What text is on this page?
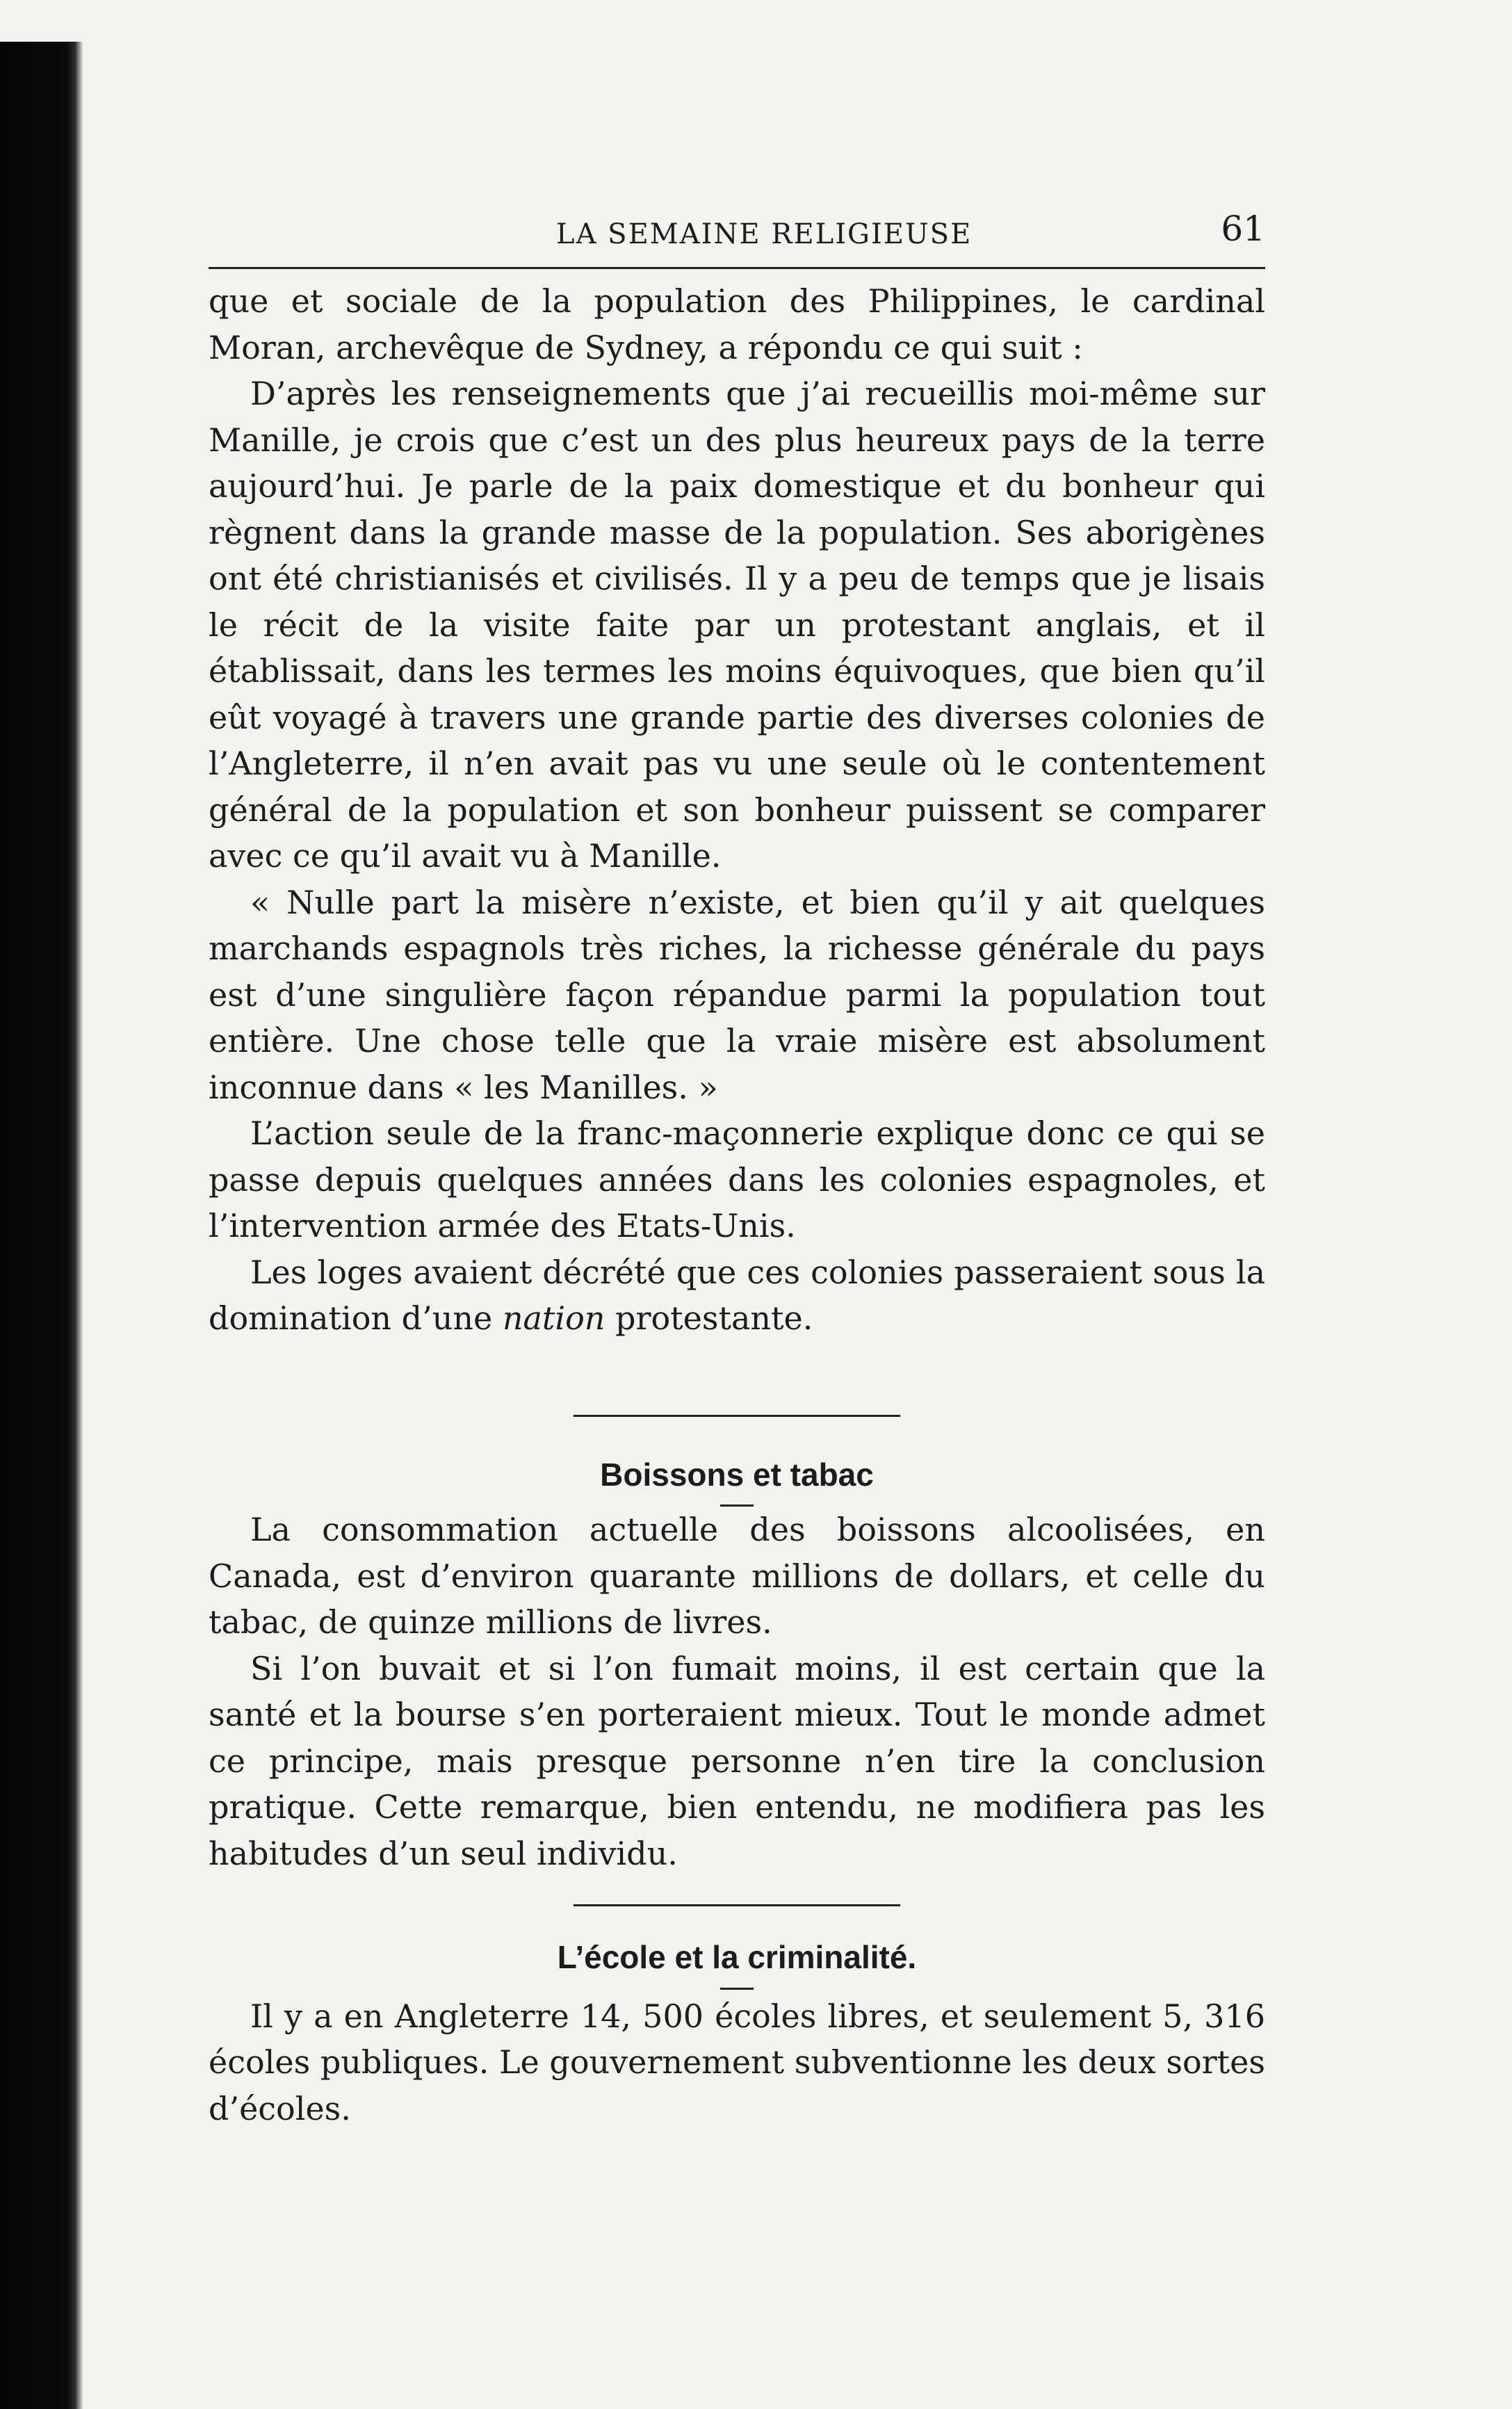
LA SEMAINE RELIGIEUSE	61

que et sociale de la population des Philippines, le cardinal Moran, archevêque de Sydney, a répondu ce qui suit :

D’après les renseignements que j’ai recueillis moi-même sur Manille, je crois que c’est un des plus heureux pays de la terre aujourd’hui. Je parle de la paix domestique et du bonheur qui règnent dans la grande masse de la population. Ses aborigènes ont été christianisés et civilisés. Il y a peu de temps que je lisais le récit de la visite faite par un protestant anglais, et il établissait, dans les termes les moins équivoques, que bien qu’il eût voyagé à travers une grande partie des diverses colonies de l’Angleterre, il n’en avait pas vu une seule où le contentement général de la population et son bonheur puissent se comparer avec ce qu’il avait vu à Manille.

« Nulle part la misère n’existe, et bien qu’il y ait quelques marchands espagnols très riches, la richesse générale du pays est d’une singulière façon répandue parmi la population tout entière. Une chose telle que la vraie misère est absolument inconnue dans « les Manilles. »

L’action seule de la franc-maçonnerie explique donc ce qui se passe depuis quelques années dans les colonies espagnoles, et l’intervention armée des Etats-Unis.

Les loges avaient décrété que ces colonies passeraient sous la domination d’une nation protestante.

Boissons et tabac

La consommation actuelle des boissons alcoolisées, en Canada, est d’environ quarante millions de dollars, et celle du tabac, de quinze millions de livres.

Si l’on buvait et si l’on fumait moins, il est certain que la santé et la bourse s’en porteraient mieux. Tout le monde admet ce principe, mais presque personne n’en tire la conclusion pratique. Cette remarque, bien entendu, ne modifiera pas les habitudes d’un seul individu.

L’école et la criminalité.

Il y a en Angleterre 14, 500 écoles libres, et seulement 5, 316 écoles publiques. Le gouvernement subventionne les deux sortes d’écoles.
